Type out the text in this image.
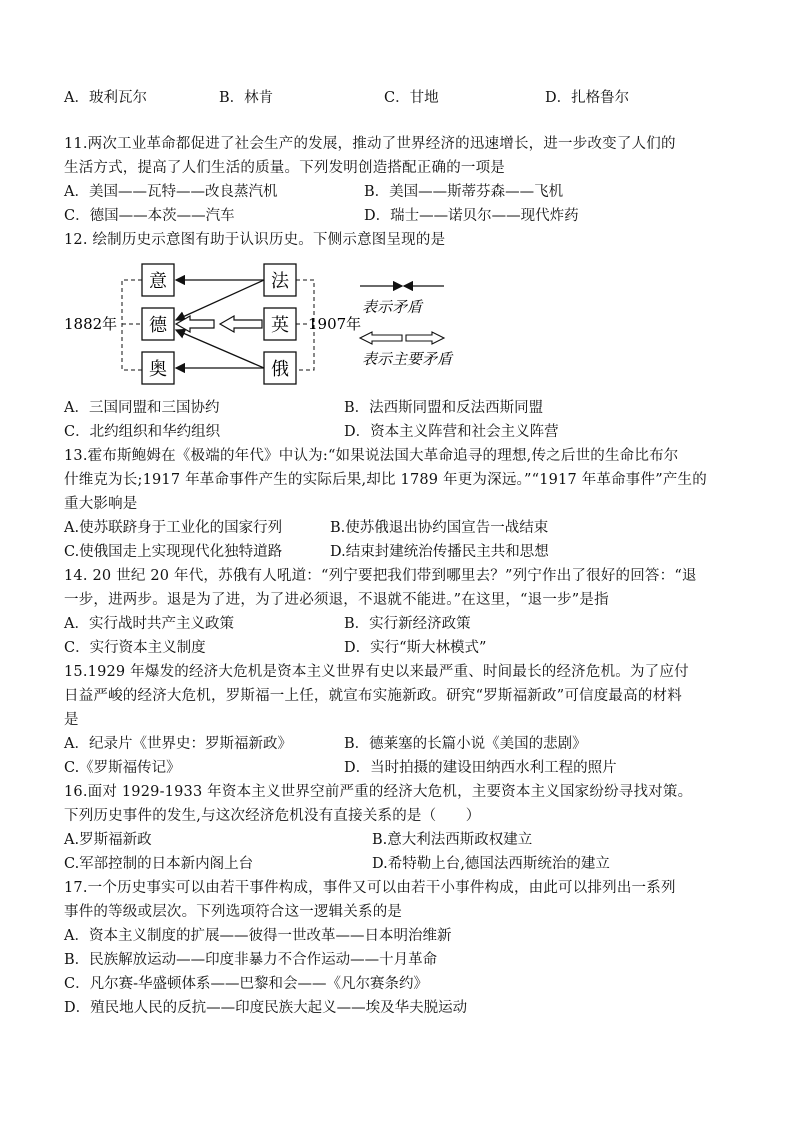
A．玻利瓦尔	B．林肯	C．甘地	D．扎格鲁尔
11.两次工业革命都促进了社会生产的发展，推动了世界经济的迅速增长，进一步改变了人们的
生活方式，提高了人们生活的质量。下列发明创造搭配正确的一项是
A．美国——瓦特——改良蒸汽机	B．美国——斯蒂芬森——飞机
C．德国——本茨——汽车	D．瑞士——诺贝尔——现代炸药
12. 绘制历史示意图有助于认识历史。下侧示意图呈现的是
1882年	1907年
意
德
奥
法
英
俄
表示矛盾
表示主要矛盾
A．三国同盟和三国协约	B．法西斯同盟和反法西斯同盟
C．北约组织和华约组织	D．资本主义阵营和社会主义阵营
13.霍布斯鲍姆在《极端的年代》中认为:“如果说法国大革命追寻的理想,传之后世的生命比布尔
什维克为长;1917 年革命事件产生的实际后果,却比 1789 年更为深远。”“1917 年革命事件”产生的
重大影响是
A.使苏联跻身于工业化的国家行列	B.使苏俄退出协约国宣告一战结束
C.使俄国走上实现现代化独特道路	D.结束封建统治传播民主共和思想
14. 20 世纪 20 年代，苏俄有人吼道：“列宁要把我们带到哪里去？”列宁作出了很好的回答：“退
一步，进两步。退是为了进，为了进必须退，不退就不能进。”在这里，“退一步”是指
A．实行战时共产主义政策	B．实行新经济政策
C．实行资本主义制度	D．实行“斯大林模式”
15.1929 年爆发的经济大危机是资本主义世界有史以来最严重、时间最长的经济危机。为了应付
日益严峻的经济大危机，罗斯福一上任，就宣布实施新政。研究“罗斯福新政”可信度最高的材料
是
A．纪录片《世界史：罗斯福新政》	B．德莱塞的长篇小说《美国的悲剧》
C.《罗斯福传记》	D．当时拍摄的建设田纳西水利工程的照片
16.面对 1929-1933 年资本主义世界空前严重的经济大危机，主要资本主义国家纷纷寻找对策。
下列历史事件的发生,与这次经济危机没有直接关系的是（　　）
A.罗斯福新政	B.意大利法西斯政权建立
C.军部控制的日本新内阁上台	D.希特勒上台,德国法西斯统治的建立
17.一个历史事实可以由若干事件构成，事件又可以由若干小事件构成，由此可以排列出一系列
事件的等级或层次。下列选项符合这一逻辑关系的是
A．资本主义制度的扩展——彼得一世改革——日本明治维新
B．民族解放运动——印度非暴力不合作运动——十月革命
C．凡尔赛-华盛顿体系——巴黎和会——《凡尔赛条约》
D．殖民地人民的反抗——印度民族大起义——埃及华夫脱运动
